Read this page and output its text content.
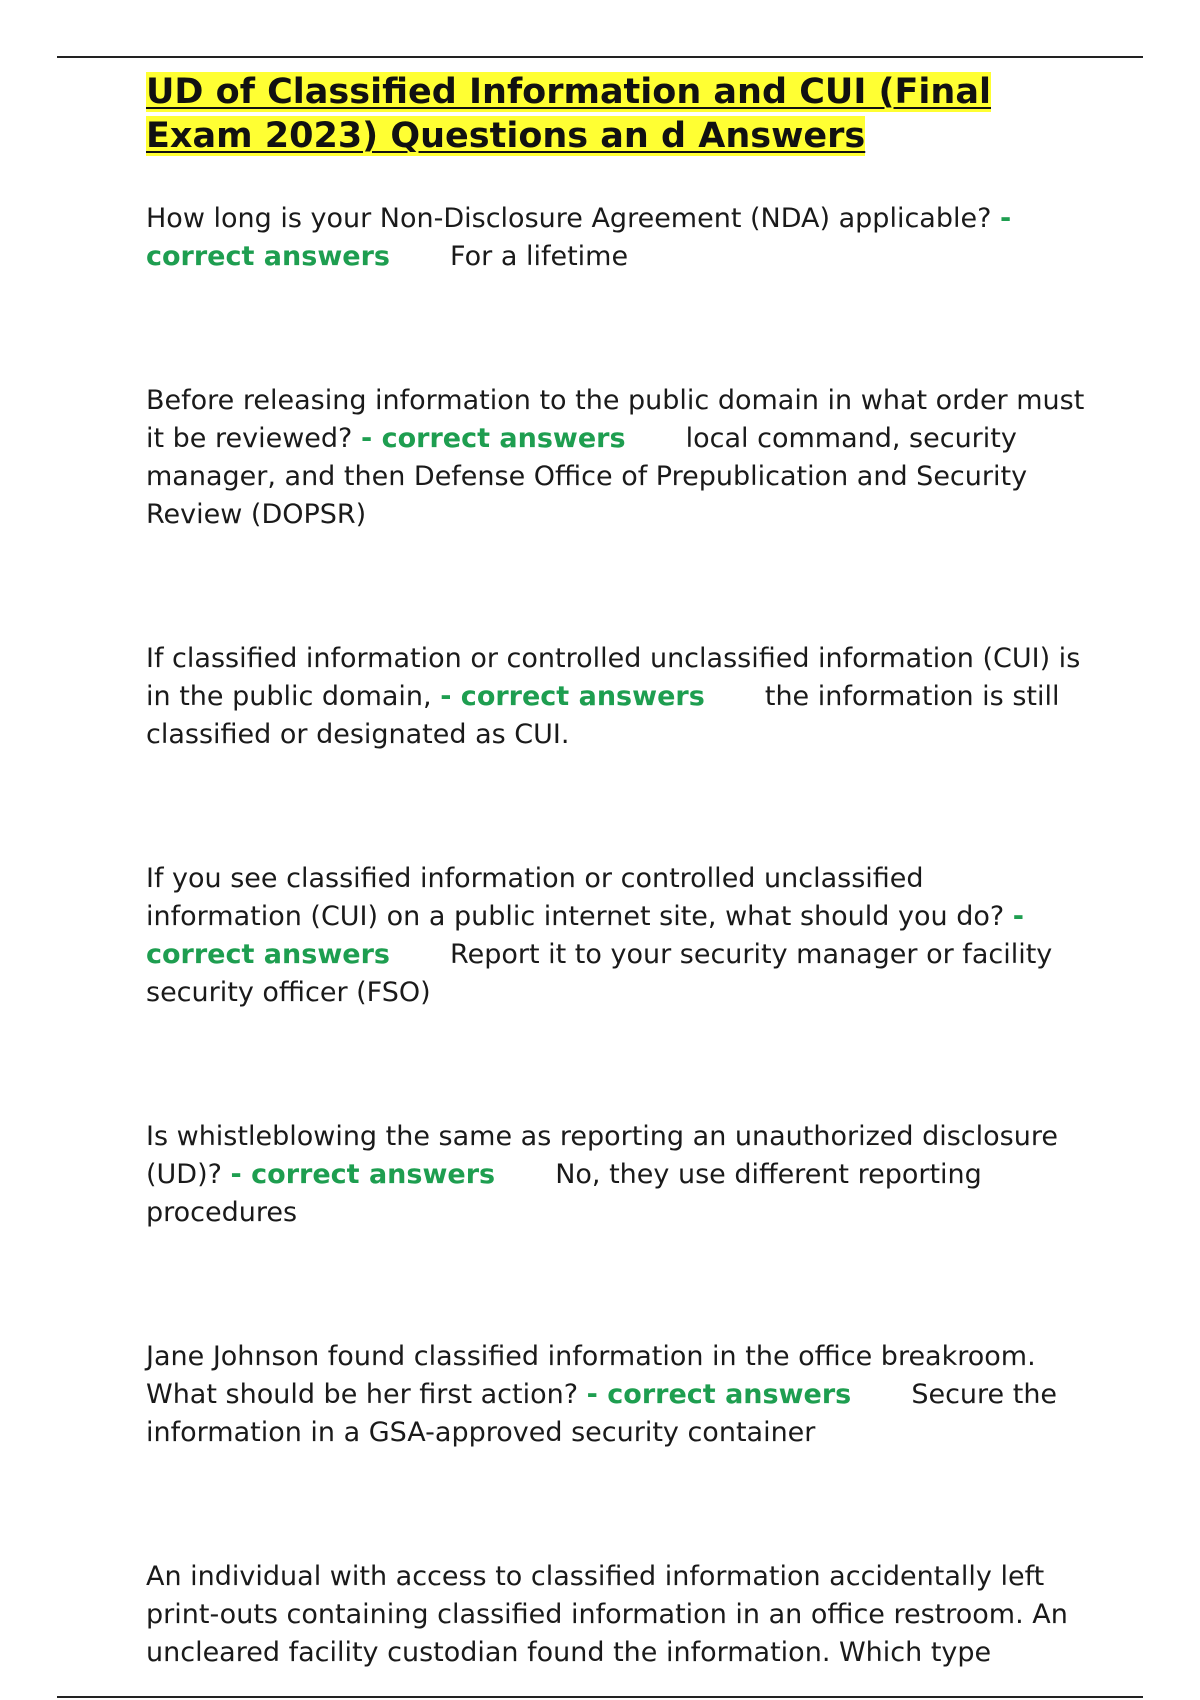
UD of Classified Information and CUI (Final
Exam 2023) Questions an d Answers

How long is your Non-Disclosure Agreement (NDA) applicable? - correct answers For a lifetime

Before releasing information to the public domain in what order must it be reviewed? - correct answers local command, security manager, and then Defense Office of Prepublication and Security Review (DOPSR)

If classified information or controlled unclassified information (CUI) is in the public domain, - correct answers the information is still classified or designated as CUI.

If you see classified information or controlled unclassified information (CUI) on a public internet site, what should you do? - correct answers Report it to your security manager or facility security officer (FSO)

Is whistleblowing the same as reporting an unauthorized disclosure (UD)? - correct answers No, they use different reporting procedures

Jane Johnson found classified information in the office breakroom. What should be her first action? - correct answers Secure the information in a GSA-approved security container

An individual with access to classified information accidentally left print-outs containing classified information in an office restroom. An uncleared facility custodian found the information. Which type
